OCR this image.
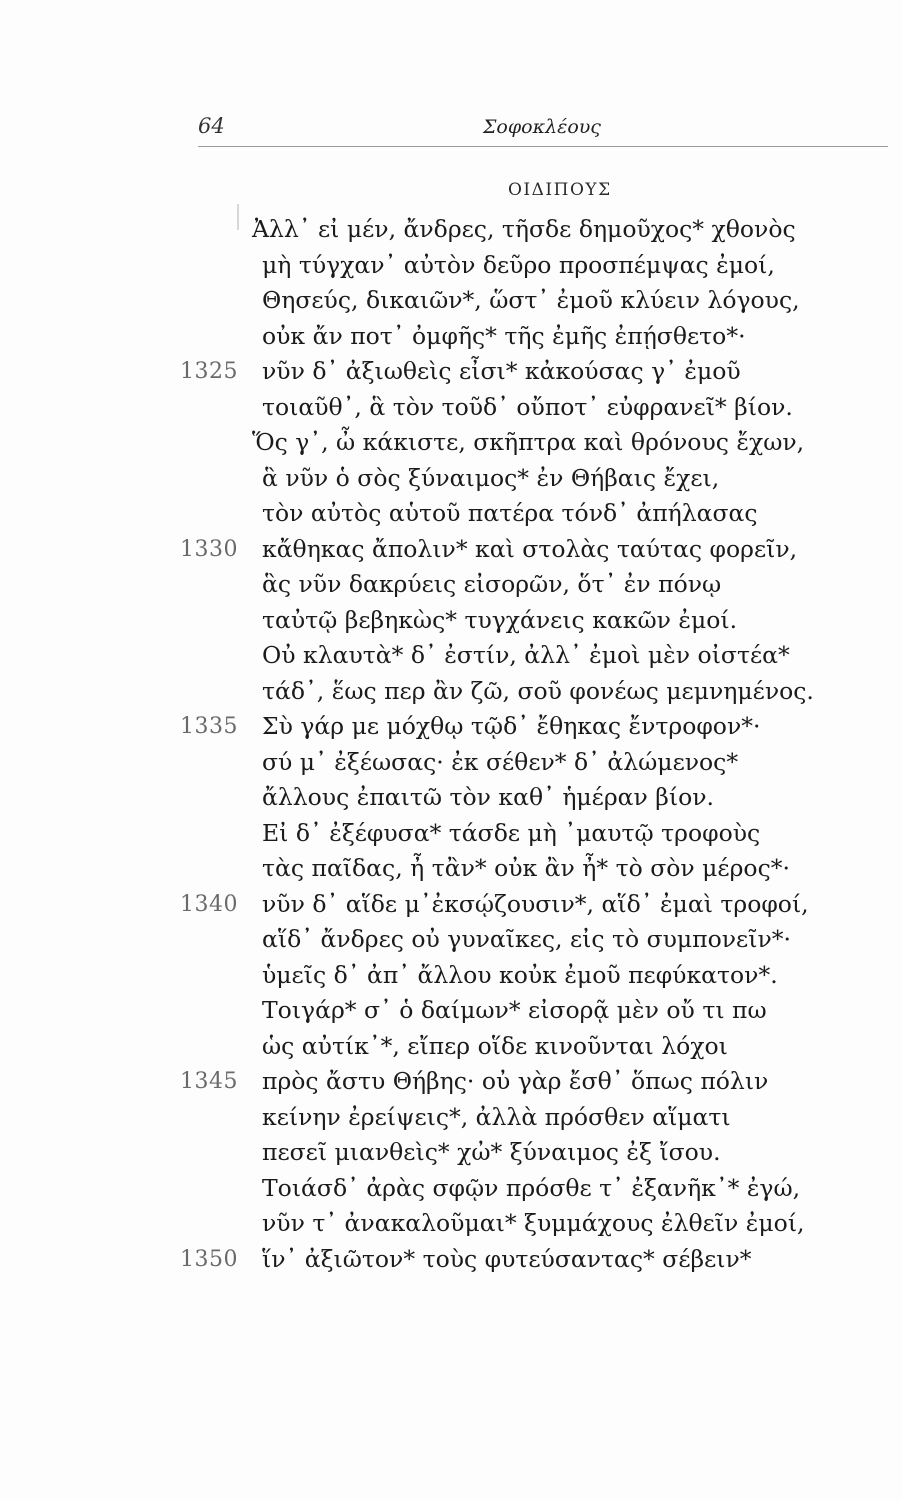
64	Σοφοκλέους
ΟΙΔΙΠΟΥΣ
Ἀλλ᾽ εἰ μέν, ἄνδρες, τῆσδε δημοῦχος* χθονὸς
μὴ τύγχαν᾽ αὐτὸν δεῦρο προσπέμψας ἐμοί,
Θησεύς, δικαιῶν*, ὥστ᾽ ἐμοῦ κλύειν λόγους,
οὐκ ἄν ποτ᾽ ὀμφῆς* τῆς ἐμῆς ἐπῄσθετο*·
1325	νῦν δ᾽ ἀξιωθεὶς εἶσι* κἀκούσας γ᾽ ἐμοῦ
τοιαῦθ᾽, ἃ τὸν τοῦδ᾽ οὔποτ᾽ εὐφρανεῖ* βίον.
Ὅς γ᾽, ὦ κάκιστε, σκῆπτρα καὶ θρόνους ἔχων,
ἃ νῦν ὁ σὸς ξύναιμος* ἐν Θήβαις ἔχει,
τὸν αὐτὸς αὑτοῦ πατέρα τόνδ᾽ ἀπήλασας
1330	κἄθηκας ἄπολιν* καὶ στολὰς ταύτας φορεῖν,
ἃς νῦν δακρύεις εἰσορῶν, ὅτ᾽ ἐν πόνῳ
ταὐτῷ βεβηκὼς* τυγχάνεις κακῶν ἐμοί.
Οὐ κλαυτὰ* δ᾽ ἐστίν, ἀλλ᾽ ἐμοὶ μὲν οἰστέα*
τάδ᾽, ἕως περ ἂν ζῶ, σοῦ φονέως μεμνημένος.
1335	Σὺ γάρ με μόχθῳ τῷδ᾽ ἔθηκας ἔντροφον*·
σύ μ᾽ ἐξέωσας· ἐκ σέθεν* δ᾽ ἀλώμενος*
ἄλλους ἐπαιτῶ τὸν καθ᾽ ἡμέραν βίον.
Εἰ δ᾽ ἐξέφυσα* τάσδε μὴ ᾽μαυτῷ τροφοὺς
τὰς παῖδας, ἦ τἂν* οὐκ ἂν ἦ* τὸ σὸν μέρος*·
1340	νῦν δ᾽ αἵδε μ᾽ἐκσῴζουσιν*, αἵδ᾽ ἐμαὶ τροφοί,
αἵδ᾽ ἄνδρες οὐ γυναῖκες, εἰς τὸ συμπονεῖν*·
ὑμεῖς δ᾽ ἀπ᾽ ἄλλου κοὐκ ἐμοῦ πεφύκατον*.
Τοιγάρ* σ᾽ ὁ δαίμων* εἰσορᾷ μὲν οὔ τι πω
ὡς αὐτίκ᾽*, εἴπερ οἵδε κινοῦνται λόχοι
1345	πρὸς ἄστυ Θήβης· οὐ γὰρ ἔσθ᾽ ὅπως πόλιν
κείνην ἐρείψεις*, ἀλλὰ πρόσθεν αἵματι
πεσεῖ μιανθεὶς* χὠ* ξύναιμος ἐξ ἴσου.
Τοιάσδ᾽ ἀρὰς σφῷν πρόσθε τ᾽ ἐξανῆκ᾽* ἐγώ,
νῦν τ᾽ ἀνακαλοῦμαι* ξυμμάχους ἐλθεῖν ἐμοί,
1350	ἵν᾽ ἀξιῶτον* τοὺς φυτεύσαντας* σέβειν*
